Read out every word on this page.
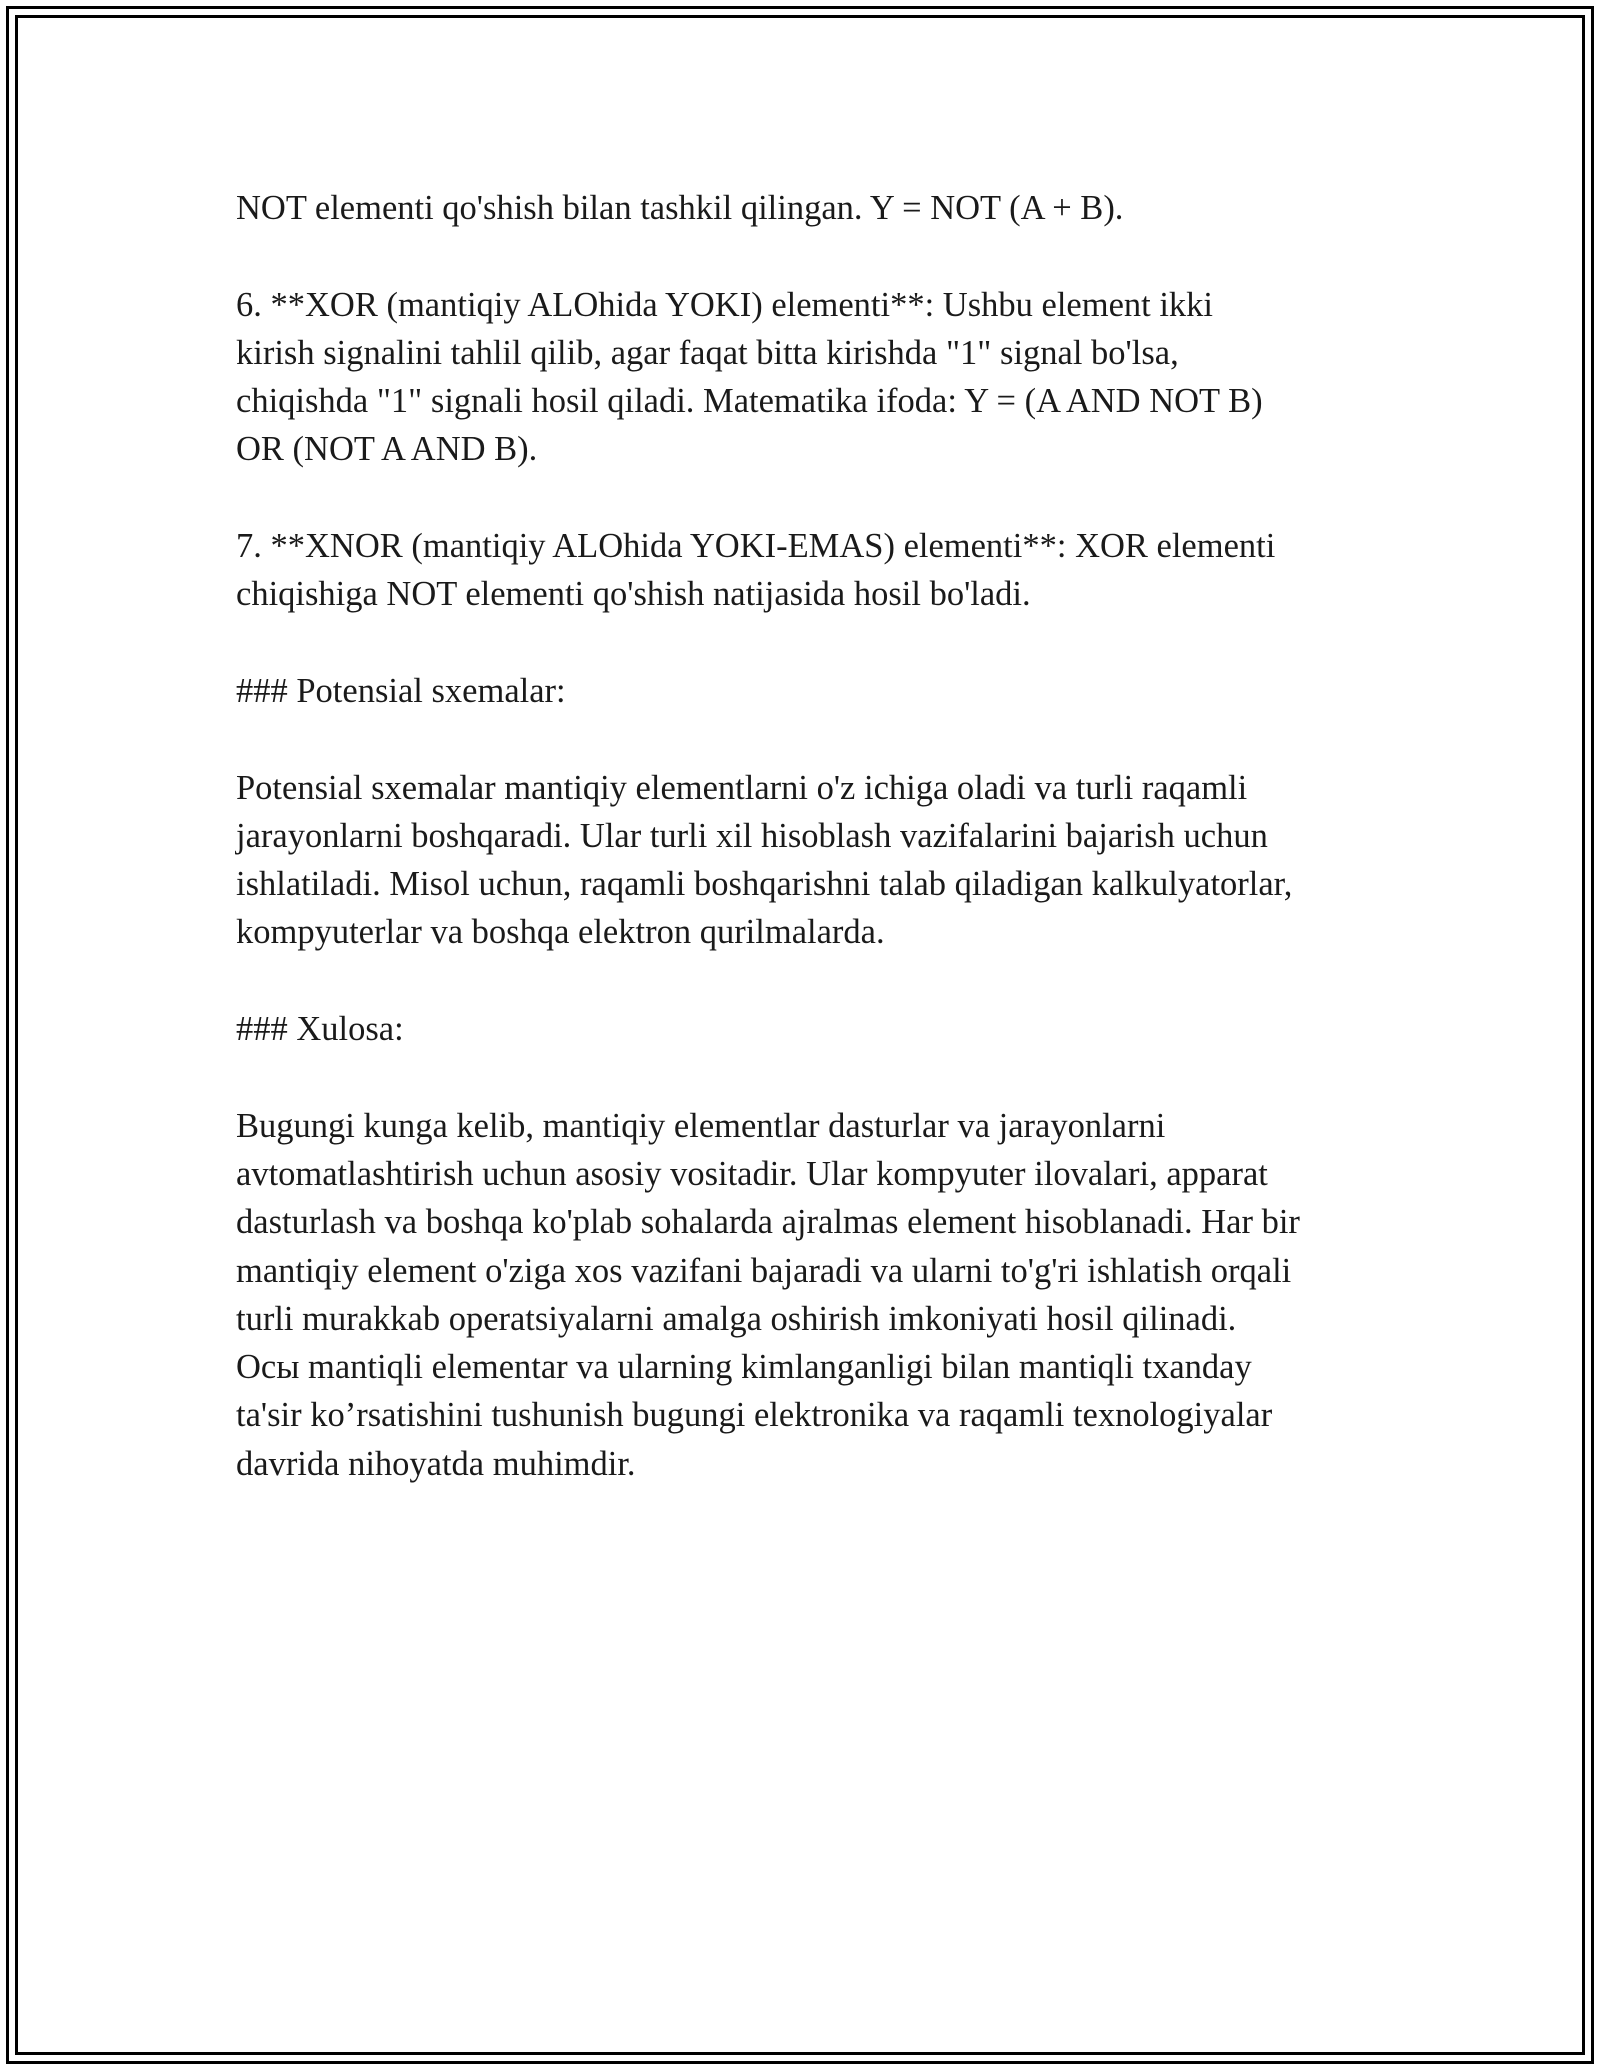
NOT elementi qo'shish bilan tashkil qilingan. Y = NOT (A + B).
6. **XOR (mantiqiy ALOhida YOKI) elementi**: Ushbu element ikki
kirish signalini tahlil qilib, agar faqat bitta kirishda "1" signal bo'lsa,
chiqishda "1" signali hosil qiladi. Matematika ifoda: Y = (A AND NOT B)
OR (NOT A AND B).
7. **XNOR (mantiqiy ALOhida YOKI-EMAS) elementi**: XOR elementi
chiqishiga NOT elementi qo'shish natijasida hosil bo'ladi.
### Potensial sxemalar:
Potensial sxemalar mantiqiy elementlarni o'z ichiga oladi va turli raqamli
jarayonlarni boshqaradi. Ular turli xil hisoblash vazifalarini bajarish uchun
ishlatiladi. Misol uchun, raqamli boshqarishni talab qiladigan kalkulyatorlar,
kompyuterlar va boshqa elektron qurilmalarda.
### Xulosa:
Bugungi kunga kelib, mantiqiy elementlar dasturlar va jarayonlarni
avtomatlashtirish uchun asosiy vositadir. Ular kompyuter ilovalari, apparat
dasturlash va boshqa ko'plab sohalarda ajralmas element hisoblanadi. Har bir
mantiqiy element o'ziga xos vazifani bajaradi va ularni to'g'ri ishlatish orqali
turli murakkab operatsiyalarni amalga oshirish imkoniyati hosil qilinadi.
Осы mantiqli elementar va ularning kimlanganligi bilan mantiqli txanday
ta'sir ko’rsatishini tushunish bugungi elektronika va raqamli texnologiyalar
davrida nihoyatda muhimdir.
